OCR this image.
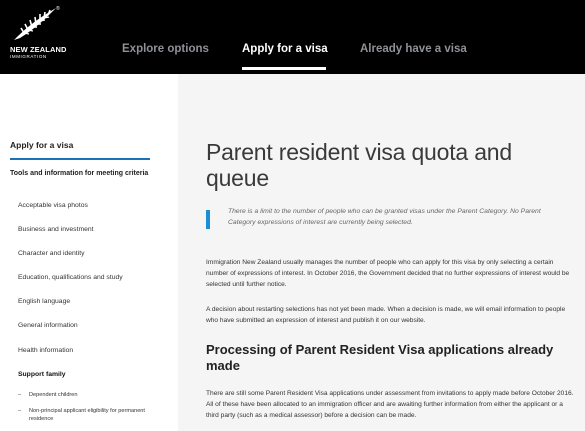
®
NEW ZEALAND
IMMIGRATION
Explore options	Apply for a visa	Already have a visa
Apply for a visa
Tools and information for meeting criteria
Acceptable visa photos
Business and investment
Character and identity
Education, qualifications and study
English language
General information
Health information
Support family
– Dependent children
– Non-principal applicant eligibility for permanent residence
Parent resident visa quota and queue

There is a limit to the number of people who can be granted visas under the Parent Category. No Parent Category expressions of interest are currently being selected.

Immigration New Zealand usually manages the number of people who can apply for this visa by only selecting a certain number of expressions of interest. In October 2016, the Government decided that no further expressions of interest would be selected until further notice.

A decision about restarting selections has not yet been made. When a decision is made, we will email information to people who have submitted an expression of interest and publish it on our website.

Processing of Parent Resident Visa applications already made

There are still some Parent Resident Visa applications under assessment from invitations to apply made before October 2016. All of these have been allocated to an immigration officer and are awaiting further information from either the applicant or a third party (such as a medical assessor) before a decision can be made.
